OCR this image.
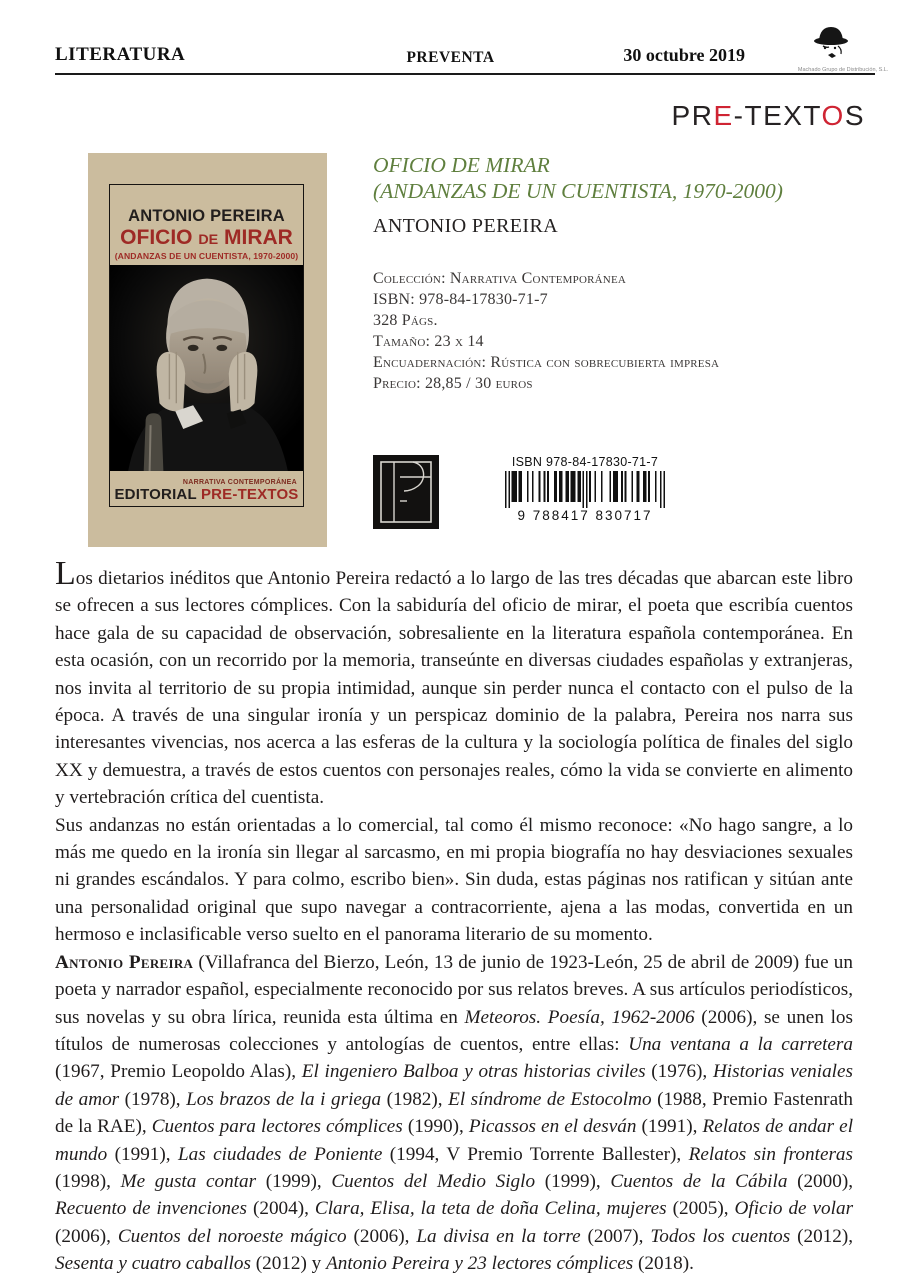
LITERATURA	PREVENTA	30 octubre 2019
Machado Grupo de Distribución, S.L.
PRE-TEXTOS
ANTONIO PEREIRA
OFICIO DE MIRAR
(ANDANZAS DE UN CUENTISTA, 1970-2000)
NARRATIVA CONTEMPORÁNEA
EDITORIAL PRE-TEXTOS
OFICIO DE MIRAR
(ANDANZAS DE UN CUENTISTA, 1970-2000)
ANTONIO PEREIRA
Colección: Narrativa Contemporánea
ISBN: 978-84-17830-71-7
328 Págs.
Tamaño: 23 x 14
Encuadernación: Rústica con sobrecubierta impresa
Precio: 28,85 / 30 euros
ISBN 978-84-17830-71-7
9 788417 830717

Los dietarios inéditos que Antonio Pereira redactó a lo largo de las tres décadas que abarcan este libro se ofrecen a sus lectores cómplices. Con la sabiduría del oficio de mirar, el poeta que escribía cuentos hace gala de su capacidad de observación, sobresaliente en la literatura española contemporánea. En esta ocasión, con un recorrido por la memoria, transeúnte en diversas ciudades españolas y extranjeras, nos invita al territorio de su propia intimidad, aunque sin perder nunca el contacto con el pulso de la época. A través de una singular ironía y un perspicaz dominio de la palabra, Pereira nos narra sus interesantes vivencias, nos acerca a las esferas de la cultura y la sociología política de finales del siglo XX y demuestra, a través de estos cuentos con personajes reales, cómo la vida se convierte en alimento y vertebración crítica del cuentista.

Sus andanzas no están orientadas a lo comercial, tal como él mismo reconoce: «No hago sangre, a lo más me quedo en la ironía sin llegar al sarcasmo, en mi propia biografía no hay desviaciones sexuales ni grandes escándalos. Y para colmo, escribo bien». Sin duda, estas páginas nos ratifican y sitúan ante una personalidad original que supo navegar a contracorriente, ajena a las modas, convertida en un hermoso e inclasificable verso suelto en el panorama literario de su momento.

Antonio Pereira (Villafranca del Bierzo, León, 13 de junio de 1923-León, 25 de abril de 2009) fue un poeta y narrador español, especialmente reconocido por sus relatos breves. A sus artículos periodísticos, sus novelas y su obra lírica, reunida esta última en Meteoros. Poesía, 1962-2006 (2006), se unen los títulos de numerosas colecciones y antologías de cuentos, entre ellas: Una ventana a la carretera (1967, Premio Leopoldo Alas), El ingeniero Balboa y otras historias civiles (1976), Historias veniales de amor (1978), Los brazos de la i griega (1982), El síndrome de Estocolmo (1988, Premio Fastenrath de la RAE), Cuentos para lectores cómplices (1990), Picassos en el desván (1991), Relatos de andar el mundo (1991), Las ciudades de Poniente (1994, V Premio Torrente Ballester), Relatos sin fronteras (1998), Me gusta contar (1999), Cuentos del Medio Siglo (1999), Cuentos de la Cábila (2000), Recuento de invenciones (2004), Clara, Elisa, la teta de doña Celina, mujeres (2005), Oficio de volar (2006), Cuentos del noroeste mágico (2006), La divisa en la torre (2007), Todos los cuentos (2012), Sesenta y cuatro caballos (2012) y Antonio Pereira y 23 lectores cómplices (2018).
